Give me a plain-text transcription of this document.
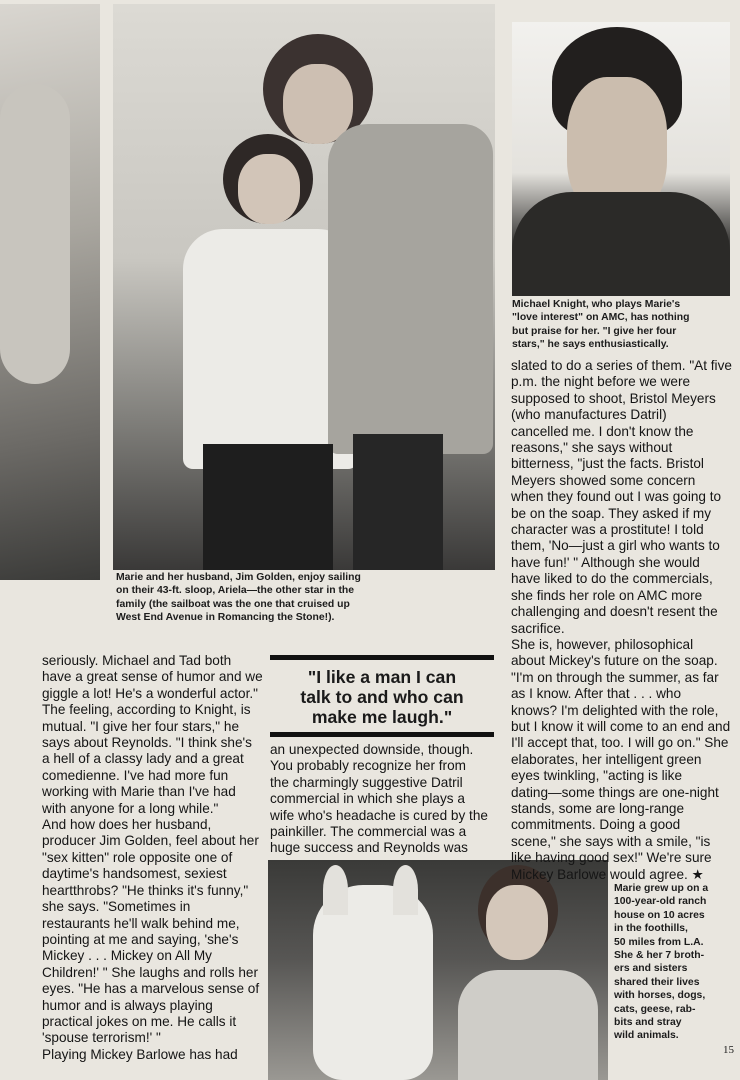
Marie and her husband, Jim Golden, enjoy sailing
on their 43-ft. sloop, Ariela—the other star in the
family (the sailboat was the one that cruised up
West End Avenue in Romancing the Stone!).
Michael Knight, who plays Marie's
"love interest" on AMC, has nothing
but praise for her. "I give her four
stars," he says enthusiastically.
Marie grew up on a
100-year-old ranch
house on 10 acres
in the foothills,
50 miles from L.A.
She & her 7 broth-
ers and sisters
shared their lives
with horses, dogs,
cats, geese, rab-
bits and stray
wild animals.
"I like a man I can
talk to and who can
make me laugh."
seriously. Michael and Tad both
have a great sense of humor and we
giggle a lot! He's a wonderful actor."
The feeling, according to Knight, is
mutual. "I give her four stars," he
says about Reynolds. "I think she's
a hell of a classy lady and a great
comedienne. I've had more fun
working with Marie than I've had
with anyone for a long while."
And how does her husband,
producer Jim Golden, feel about her
"sex kitten" role opposite one of
daytime's handsomest, sexiest
heartthrobs? "He thinks it's funny,"
she says. "Sometimes in
restaurants he'll walk behind me,
pointing at me and saying, 'she's
Mickey . . . Mickey on All My
Children!' " She laughs and rolls her
eyes. "He has a marvelous sense of
humor and is always playing
practical jokes on me. He calls it
'spouse terrorism!' "
Playing Mickey Barlowe has had
an unexpected downside, though.
You probably recognize her from
the charmingly suggestive Datril
commercial in which she plays a
wife who's headache is cured by the
painkiller. The commercial was a
huge success and Reynolds was
slated to do a series of them. "At five
p.m. the night before we were
supposed to shoot, Bristol Meyers
(who manufactures Datril)
cancelled me. I don't know the
reasons," she says without
bitterness, "just the facts. Bristol
Meyers showed some concern
when they found out I was going to
be on the soap. They asked if my
character was a prostitute! I told
them, 'No—just a girl who wants to
have fun!' " Although she would
have liked to do the commercials,
she finds her role on AMC more
challenging and doesn't resent the
sacrifice.
She is, however, philosophical
about Mickey's future on the soap.
"I'm on through the summer, as far
as I know. After that . . . who
knows? I'm delighted with the role,
but I know it will come to an end and
I'll accept that, too. I will go on." She
elaborates, her intelligent green
eyes twinkling, "acting is like
dating—some things are one-night
stands, some are long-range
commitments. Doing a good
scene," she says with a smile, "is
like having good sex!" We're sure
Mickey Barlowe would agree. ★
15
